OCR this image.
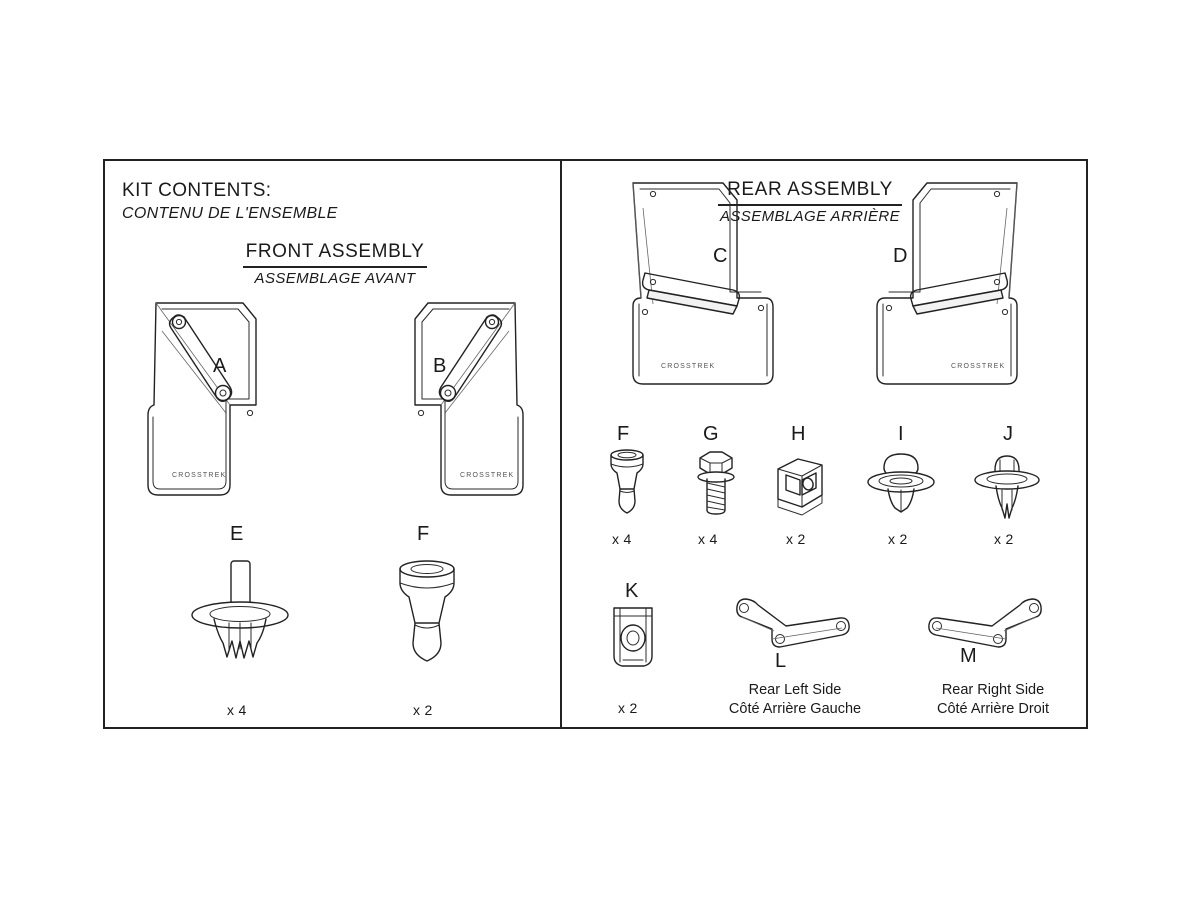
KIT CONTENTS:
CONTENU DE L'ENSEMBLE
FRONT ASSEMBLY
ASSEMBLAGE AVANT
CROSSTREK
A
CROSSTREK
B
E
x 4
F
x 2
REAR ASSEMBLY
ASSEMBLAGE ARRIÈRE
CROSSTREK
C
CROSSTREK
D
F
x 4
G
x 4
H
x 2
I
x 2
J
x 2
K
x 2
L
Rear Left Side
Côté Arrière Gauche
M
Rear Right Side
Côté Arrière Droit
